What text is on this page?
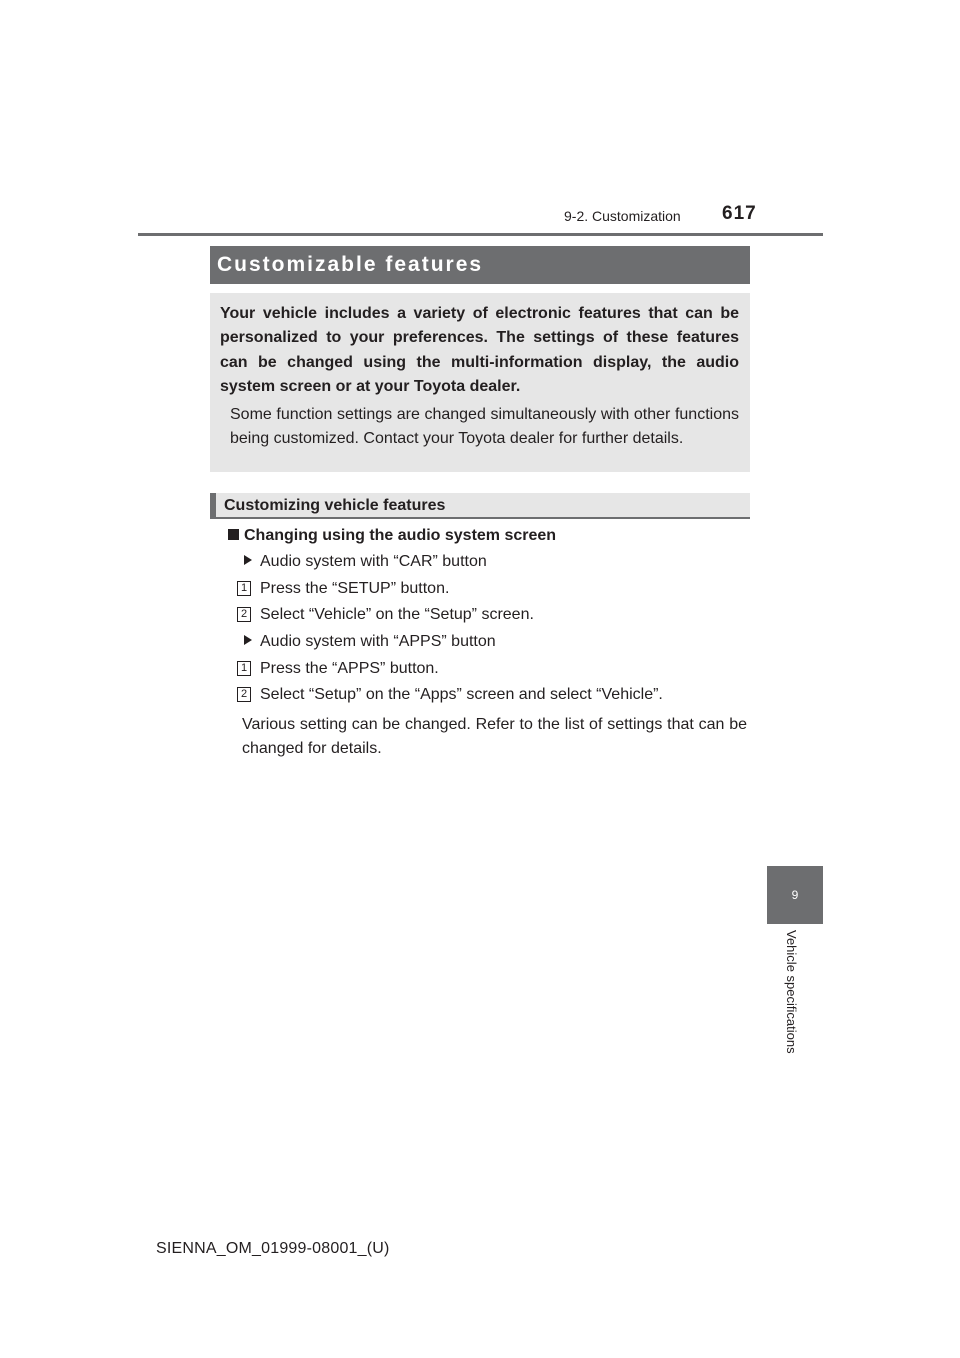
9-2. Customization 617
9
Vehicle specifications
Customizable features

Your vehicle includes a variety of electronic features that can be personalized to your preferences. The settings of these features can be changed using the multi-information display, the audio system screen or at your Toyota dealer.

Some function settings are changed simultaneously with other functions being customized. Contact your Toyota dealer for further details.

Customizing vehicle features
Changing using the audio system screen
Audio system with “CAR” button
1 Press the “SETUP” button.
2 Select “Vehicle” on the “Setup” screen.
Audio system with “APPS” button
1 Press the “APPS” button.
2 Select “Setup” on the “Apps” screen and select “Vehicle”.

Various setting can be changed. Refer to the list of settings that can be changed for details.

SIENNA_OM_01999-08001_(U)
